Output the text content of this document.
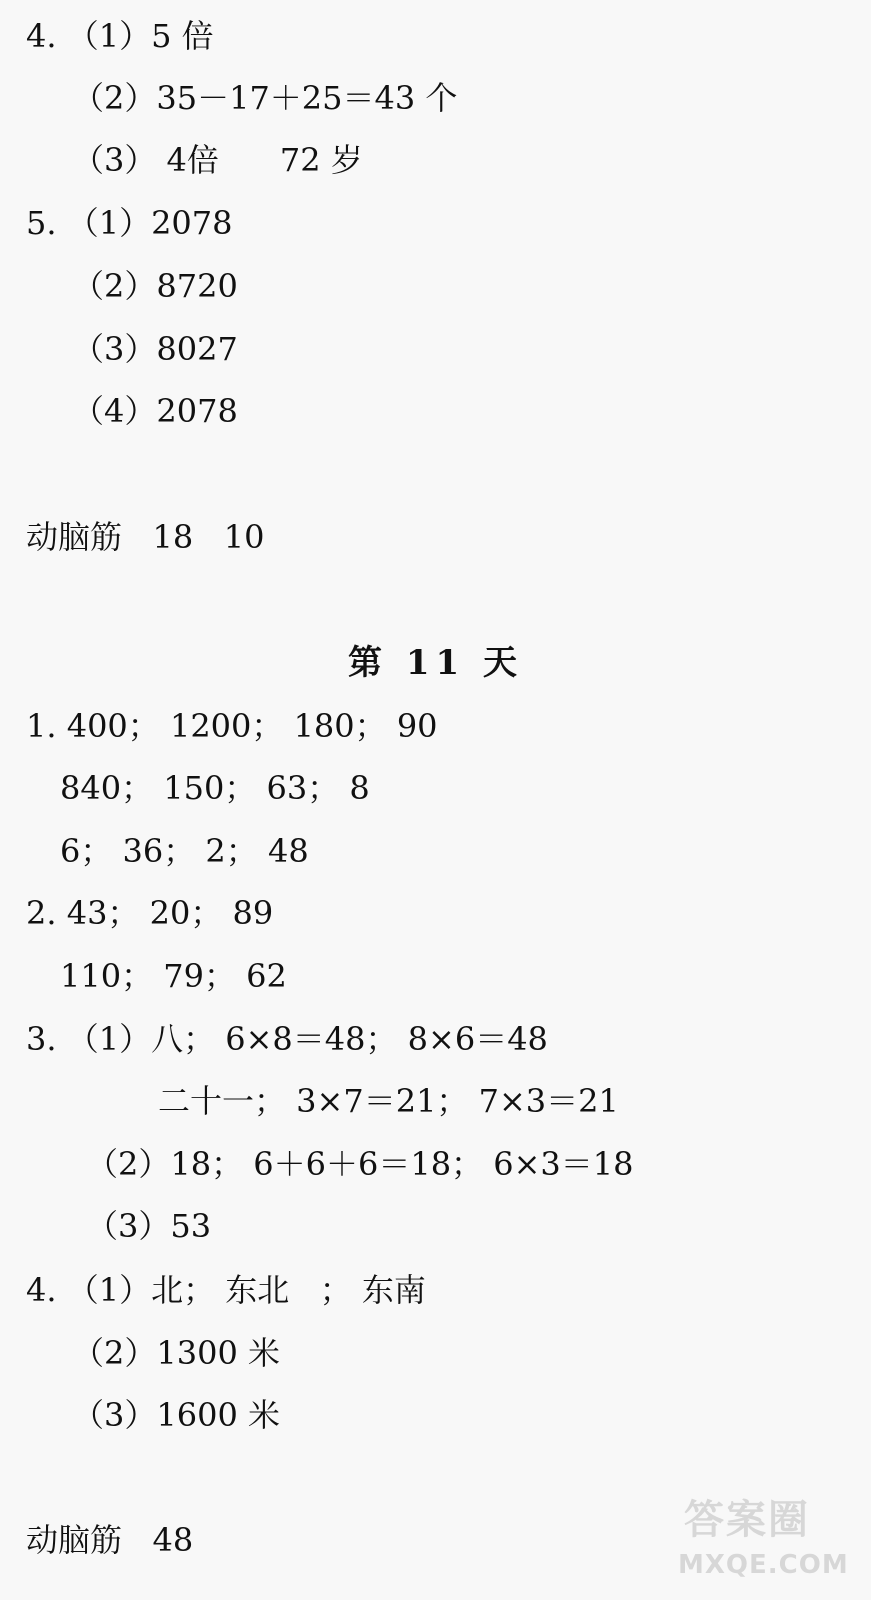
4. （1）5 倍
（2）35－17＋25＝43 个
（3） 4倍      72 岁
5. （1）2078
（2）8720
（3）8027
（4）2078
动脑筋   18   10
第 11 天
1. 400； 1200； 180； 90
840； 150； 63； 8
6； 36； 2； 48
2. 43； 20； 89
110； 79； 62
3. （1）八； 6×8＝48； 8×6＝48
二十一； 3×7＝21； 7×3＝21
（2）18； 6＋6＋6＝18； 6×3＝18
（3）53
4. （1）北； 东北   ； 东南
（2）1300 米
（3）1600 米
动脑筋   48	答案圈
MXQE.COM
